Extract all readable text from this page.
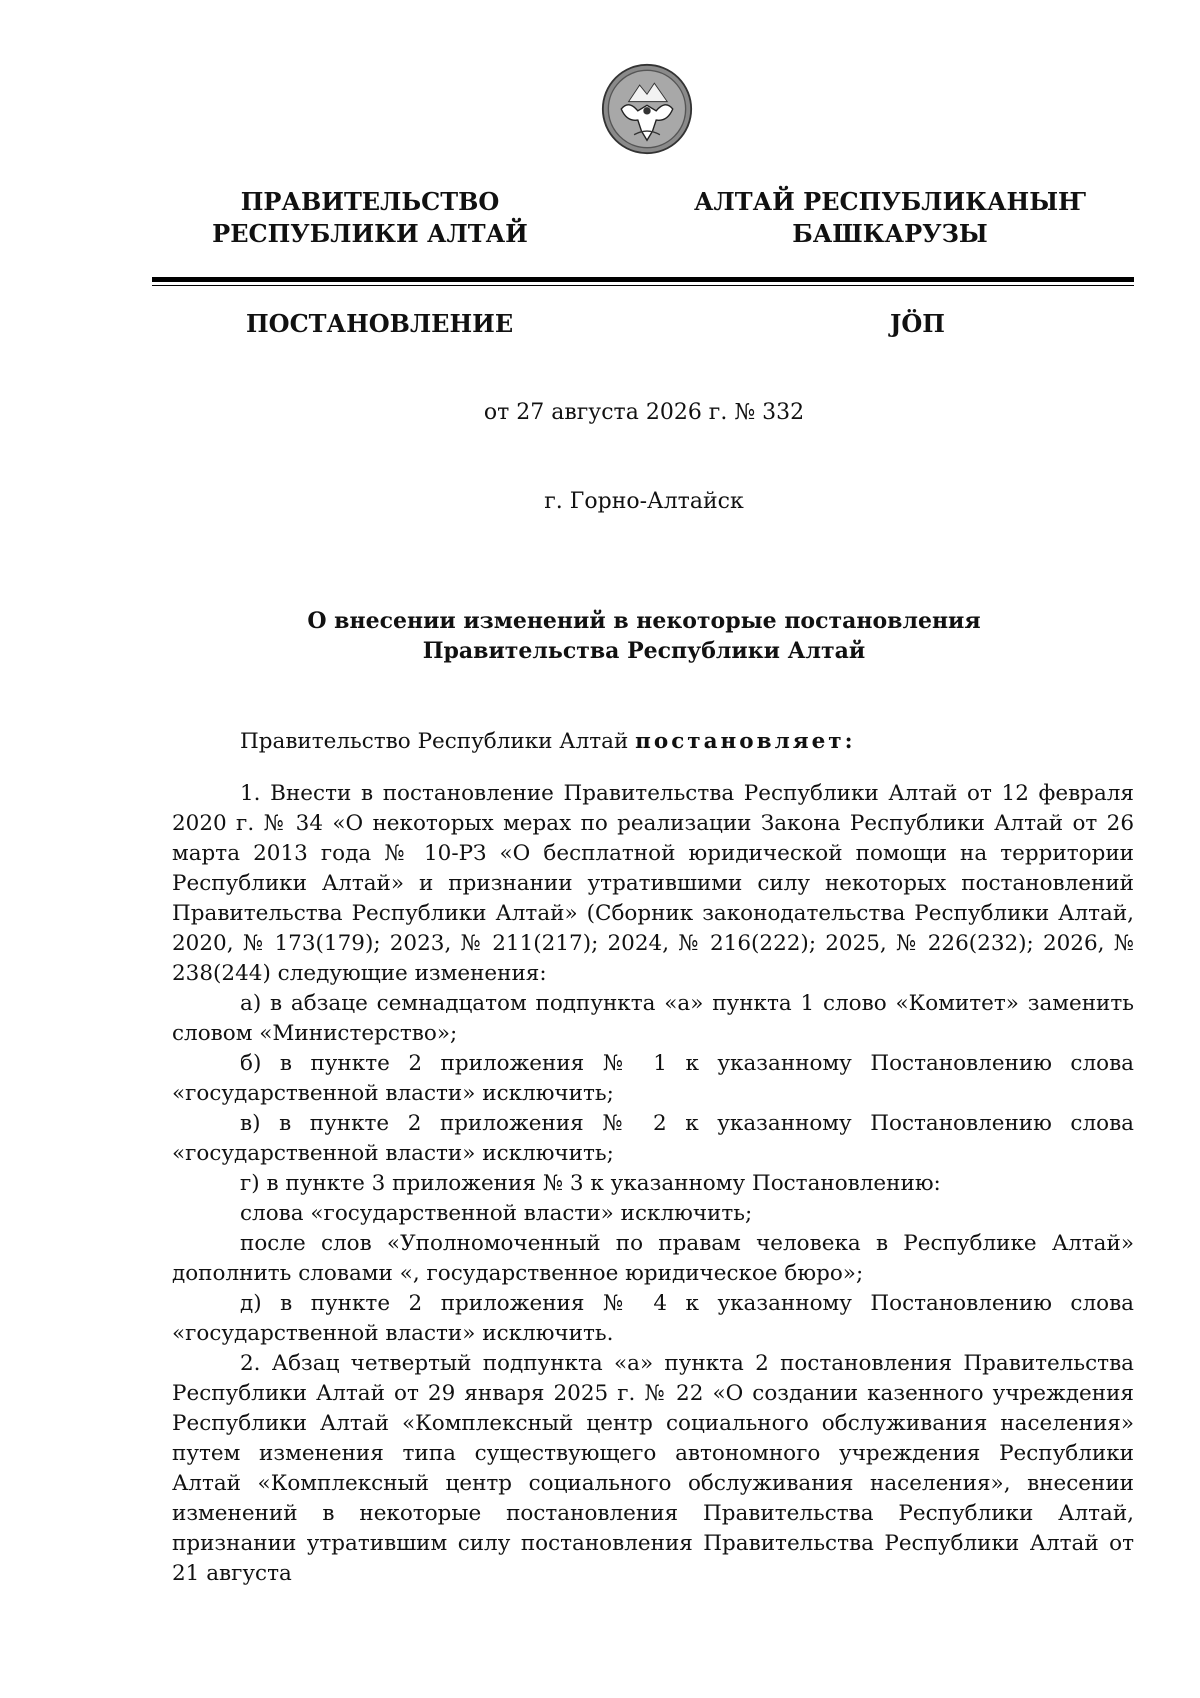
ПРАВИТЕЛЬСТВО
РЕСПУБЛИКИ АЛТАЙ
АЛТАЙ РЕСПУБЛИКАНЫҤ
БАШКАРУЗЫ
ПОСТАНОВЛЕНИЕ	JÖП
от 27 августа 2026 г. № 332
г. Горно-Алтайск
О внесении изменений в некоторые постановления
Правительства Республики Алтай

Правительство Республики Алтай постановляет:

1. Внести в постановление Правительства Республики Алтай от 12 февраля 2020 г. № 34 «О некоторых мерах по реализации Закона Республики Алтай от 26 марта 2013 года № 10-РЗ «О бесплатной юридической помощи на территории Республики Алтай» и признании утратившими силу некоторых постановлений Правительства Республики Алтай» (Сборник законодательства Республики Алтай, 2020, № 173(179); 2023, № 211(217); 2024, № 216(222); 2025, № 226(232); 2026, № 238(244) следующие изменения:

а) в абзаце семнадцатом подпункта «а» пункта 1 слово «Комитет» заменить словом «Министерство»;

б) в пункте 2 приложения № 1 к указанному Постановлению слова «государственной власти» исключить;

в) в пункте 2 приложения № 2 к указанному Постановлению слова «государственной власти» исключить;

г) в пункте 3 приложения № 3 к указанному Постановлению:

слова «государственной власти» исключить;

после слов «Уполномоченный по правам человека в Республике Алтай» дополнить словами «, государственное юридическое бюро»;

д) в пункте 2 приложения № 4 к указанному Постановлению слова «государственной власти» исключить.

2. Абзац четвертый подпункта «а» пункта 2 постановления Правительства Республики Алтай от 29 января 2025 г. № 22 «О создании казенного учреждения Республики Алтай «Комплексный центр социального обслуживания населения» путем изменения типа существующего автономного учреждения Республики Алтай «Комплексный центр социального обслуживания населения», внесении изменений в некоторые постановления Правительства Республики Алтай, признании утратившим силу постановления Правительства Республики Алтай от 21 августа
